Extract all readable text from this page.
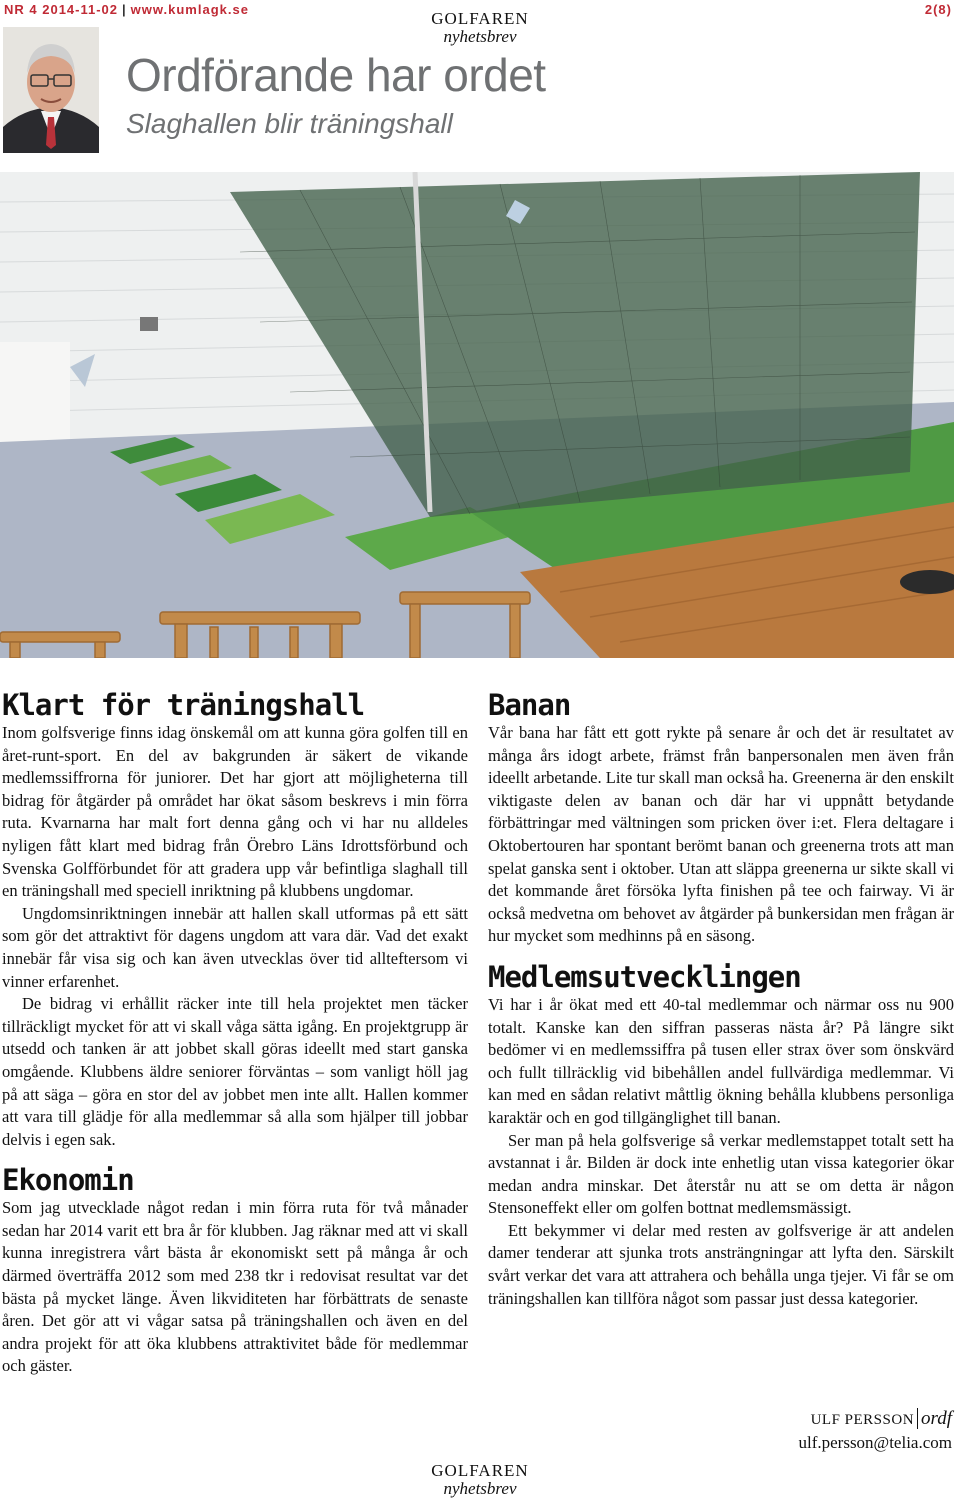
NR 4 2014-11-02 | www.kumlagk.se	2(8)
GOLFAREN
nyhetsbrev
Ordförande har ordet
Slaghallen blir träningshall
Klart för träningshall

Inom golfsverige finns idag önskemål om att kunna göra golfen till en året-runt-sport. En del av bakgrunden är säkert de vikande medlemssiffrorna för juniorer. Det har gjort att möjligheterna till bidrag för åtgärder på området har ökat såsom beskrevs i min förra ruta. Kvarnarna har malt fort denna gång och vi har nu alldeles nyligen fått klart med bidrag från Örebro Läns Idrottsförbund och Svenska Golfförbundet för att gradera upp vår befintliga slaghall till en träningshall med speciell inriktning på klubbens ungdomar.

Ungdomsinriktningen innebär att hallen skall utformas på ett sätt som gör det attraktivt för dagens ungdom att vara där. Vad det exakt innebär får visa sig och kan även utvecklas över tid allteftersom vi vinner erfarenhet.

De bidrag vi erhållit räcker inte till hela projektet men täcker tillräckligt mycket för att vi skall våga sätta igång. En projektgrupp är utsedd och tanken är att jobbet skall göras ideellt med start ganska omgående. Klubbens äldre seniorer förväntas – som vanligt höll jag på att säga – göra en stor del av jobbet men inte allt. Hallen kommer att vara till glädje för alla medlemmar så alla som hjälper till jobbar delvis i egen sak.

Ekonomin

Som jag utvecklade något redan i min förra ruta för två månader sedan har 2014 varit ett bra år för klubben. Jag räknar med att vi skall kunna inregistrera vårt bästa år ekonomiskt sett på många år och därmed överträffa 2012 som med 238 tkr i redovisat resultat var det bästa på mycket länge. Även likviditeten har förbättrats de senaste åren. Det gör att vi vågar satsa på träningshallen och även en del andra projekt för att öka klubbens attraktivitet både för medlemmar och gäster.

Banan

Vår bana har fått ett gott rykte på senare år och det är resultatet av många års idogt arbete, främst från banpersonalen men även från ideellt arbetande. Lite tur skall man också ha. Greenerna är den enskilt viktigaste delen av banan och där har vi uppnått betydande förbättringar med vältningen som pricken över i:et. Flera deltagare i Oktobertouren har spontant berömt banan och greenerna trots att man spelat ganska sent i oktober. Utan att släppa greenerna ur sikte skall vi det kommande året försöka lyfta finishen på tee och fairway. Vi är också medvetna om behovet av åtgärder på bunkersidan men frågan är hur mycket som medhinns på en säsong.

Medlemsutvecklingen

Vi har i år ökat med ett 40-tal medlemmar och närmar oss nu 900 totalt. Kanske kan den siffran passeras nästa år? På längre sikt bedömer vi en medlemssiffra på tusen eller strax över som önskvärd och fullt tillräcklig vid bibehållen andel fullvärdiga medlemmar. Vi kan med en sådan relativt måttlig ökning behålla klubbens personliga karaktär och en god tillgänglighet till banan.

Ser man på hela golfsverige så verkar medlemstappet totalt sett ha avstannat i år. Bilden är dock inte enhetlig utan vissa kategorier ökar medan andra minskar. Det återstår nu att se om detta är någon Stensoneffekt eller om golfen bottnat medlemsmässigt.

Ett bekymmer vi delar med resten av golfsverige är att andelen damer tenderar att sjunka trots ansträngningar att lyfta den. Särskilt svårt verkar det vara att attrahera och behålla unga tjejer. Vi får se om träningshallen kan tillföra något som passar just dessa kategorier.

ULF PERSSON ordf
ulf.persson@telia.com
GOLFAREN
nyhetsbrev
